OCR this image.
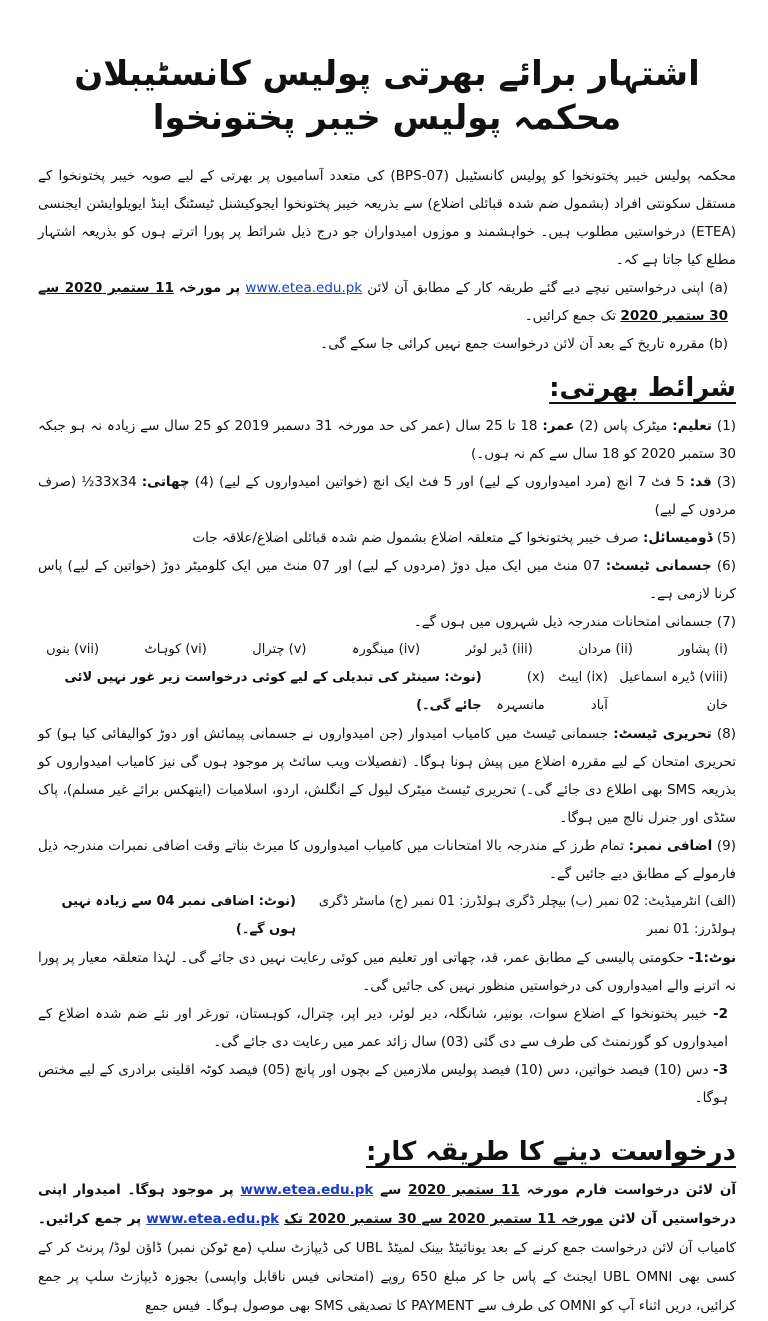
اشتہار برائے بھرتی پولیس کانسٹیبلان محکمہ پولیس خیبر پختونخوا

محکمہ پولیس خیبر پختونخوا کو پولیس کانسٹیبل (BPS-07) کی متعدد آسامیوں پر بھرتی کے لیے صوبہ خیبر پختونخوا کے مستقل سکونتی افراد (بشمول ضم شدہ قبائلی اضلاع) سے بذریعہ خیبر پختونخوا ایجوکیشنل ٹیسٹنگ اینڈ ایویلوایشن ایجنسی (ETEA) درخواستیں مطلوب ہیں۔ خواہشمند و موزوں امیدواران جو درج ذیل شرائط پر پورا اترتے ہوں کو بذریعہ اشتہار مطلع کیا جاتا ہے کہ۔

(a) اپنی درخواستیں نیچے دیے گئے طریقہ کار کے مطابق آن لائن www.etea.edu.pk پر مورخہ 11 ستمبر 2020 سے 30 ستمبر 2020 تک جمع کرائیں۔

(b) مقررہ تاریخ کے بعد آن لائن درخواست جمع نہیں کرائی جا سکے گی۔

شرائط بھرتی:

(1) تعلیم: میٹرک پاس (2) عمر: 18 تا 25 سال (عمر کی حد مورخہ 31 دسمبر 2019 کو 25 سال سے زیادہ نہ ہو جبکہ 30 ستمبر 2020 کو 18 سال سے کم نہ ہوں۔)

(3) قد: 5 فٹ 7 انچ (مرد امیدواروں کے لیے) اور 5 فٹ ایک انچ (خواتین امیدواروں کے لیے) (4) چھاتی: 33x34½ (صرف مردوں کے لیے)

(5) ڈومیسائل: صرف خیبر پختونخوا کے متعلقہ اضلاع بشمول ضم شدہ قبائلی اضلاع/علاقہ جات

(6) جسمانی ٹیسٹ: 07 منٹ میں ایک میل دوڑ (مردوں کے لیے) اور 07 منٹ میں ایک کلومیٹر دوڑ (خواتین کے لیے) پاس کرنا لازمی ہے۔

(7) جسمانی امتحانات مندرجہ ذیل شہروں میں ہوں گے۔

(i) پشاور
(ii) مردان
(iii) ڈیر لوئر
(iv) مینگورہ
(v) چترال
(vi) کوہاٹ
(vii) بنوں
(viii) ڈیرہ اسماعیل خان
(ix) ایبٹ آباد
(x) مانسہرہ
(نوٹ: سینٹر کی تبدیلی کے لیے کوئی درخواست زیر غور نہیں لائی جائے گی۔)

(8) تحریری ٹیسٹ: جسمانی ٹیسٹ میں کامیاب امیدوار (جن امیدواروں نے جسمانی پیمائش اور دوڑ کوالیفائی کیا ہو) کو تحریری امتحان کے لیے مقررہ اضلاع میں پیش ہونا ہوگا۔ (تفصیلات ویب سائٹ پر موجود ہوں گی نیز کامیاب امیدواروں کو بذریعہ SMS بھی اطلاع دی جائے گی۔) تحریری ٹیسٹ میٹرک لیول کے انگلش، اردو، اسلامیات (ایتھکس برائے غیر مسلم)، پاک سٹڈی اور جنرل نالج میں ہوگا۔

(9) اضافی نمبر: تمام طرز کے مندرجہ بالا امتحانات میں کامیاب امیدواروں کا میرٹ بناتے وقت اضافی نمبرات مندرجہ ذیل فارمولے کے مطابق دیے جائیں گے۔

(الف) انٹرمیڈیٹ: 02 نمبر (ب) بیچلر ڈگری ہولڈرز: 01 نمبر (ج) ماسٹر ڈگری ہولڈرز: 01 نمبر
(نوٹ: اضافی نمبر 04 سے زیادہ نہیں ہوں گے۔)

نوٹ:1- حکومتی پالیسی کے مطابق عمر، قد، چھاتی اور تعلیم میں کوئی رعایت نہیں دی جائے گی۔ لہٰذا متعلقہ معیار پر پورا نہ اترنے والے امیدواروں کی درخواستیں منظور نہیں کی جائیں گی۔

2- خیبر پختونخوا کے اضلاع سوات، بونیر، شانگلہ، دیر لوئر، دیر اپر، چترال، کوہستان، تورغر اور نئے ضم شدہ اضلاع کے امیدواروں کو گورنمنٹ کی طرف سے دی گئی (03) سال زائد عمر میں رعایت دی جائے گی۔

3- دس (10) فیصد خواتین، دس (10) فیصد پولیس ملازمین کے بچوں اور پانچ (05) فیصد کوٹہ اقلیتی برادری کے لیے مختص ہوگا۔

درخواست دینے کا طریقہ کار:

آن لائن درخواست فارم مورخہ 11 ستمبر 2020 سے www.etea.edu.pk پر موجود ہوگا۔ امیدوار اپنی درخواستیں آن لائن مورخہ 11 ستمبر 2020 سے 30 ستمبر 2020 تک www.etea.edu.pk پر جمع کرائیں۔ کامیاب آن لائن درخواست جمع کرنے کے بعد یونائیٹڈ بینک لمیٹڈ UBL کی ڈیپازٹ سلپ (مع ٹوکن نمبر) ڈاؤن لوڈ/ پرنٹ کر کے کسی بھی UBL OMNI ایجنٹ کے پاس جا کر مبلغ 650 روپے (امتحانی فیس ناقابل واپسی) بجوزہ ڈیپازٹ سلپ پر جمع کرائیں، دریں اثناء آپ کو OMNI کی طرف سے PAYMENT کا تصدیقی SMS بھی موصول ہوگا۔ فیس جمع
